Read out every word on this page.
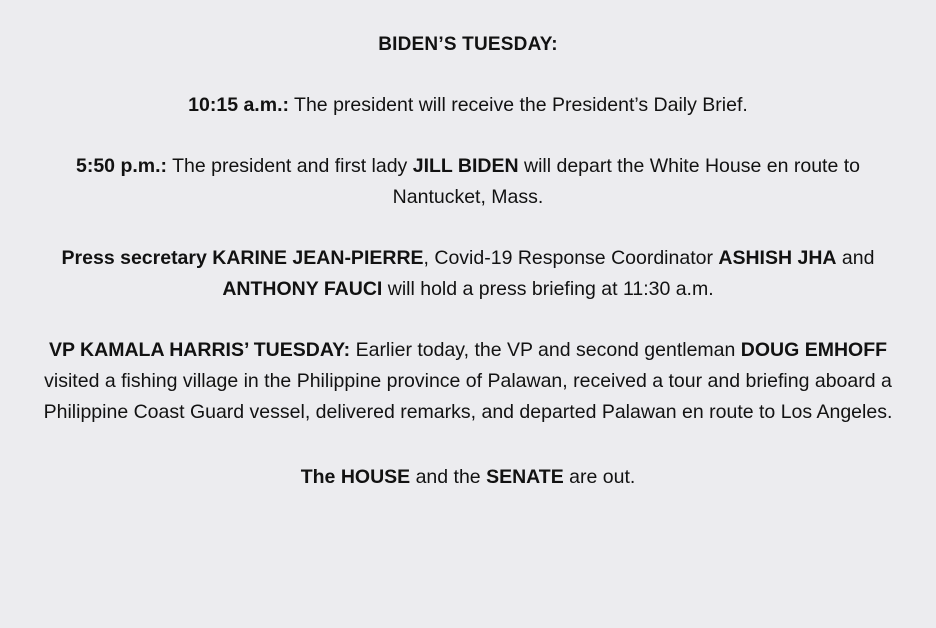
BIDEN’S TUESDAY:

10:15 a.m.: The president will receive the President’s Daily Brief.

5:50 p.m.: The president and first lady JILL BIDEN will depart the White House en route to Nantucket, Mass.

Press secretary KARINE JEAN-PIERRE, Covid-19 Response Coordinator ASHISH JHA and ANTHONY FAUCI will hold a press briefing at 11:30 a.m.

VP KAMALA HARRIS’ TUESDAY: Earlier today, the VP and second gentleman DOUG EMHOFF visited a fishing village in the Philippine province of Palawan, received a tour and briefing aboard a Philippine Coast Guard vessel, delivered remarks, and departed Palawan en route to Los Angeles.

The HOUSE and the SENATE are out.
